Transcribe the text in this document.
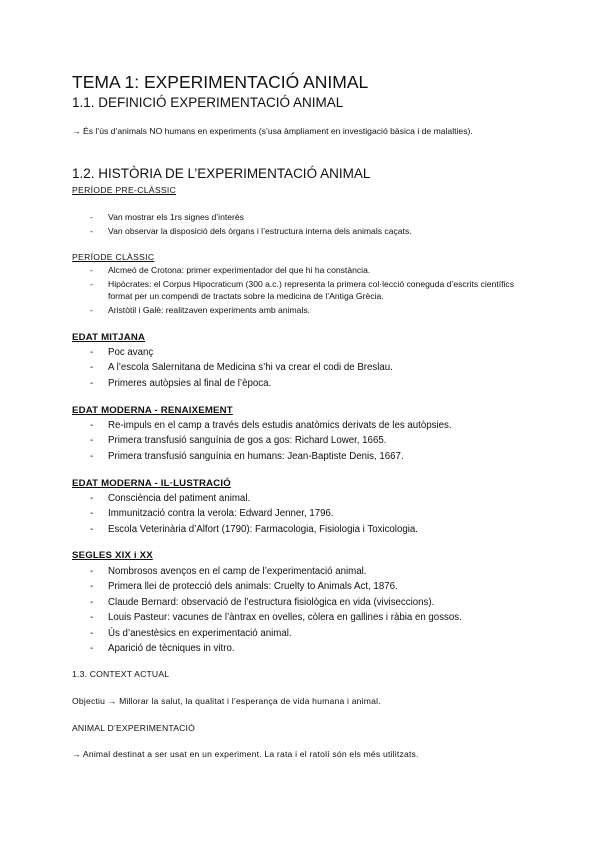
TEMA 1: EXPERIMENTACIÓ ANIMAL
1.1. DEFINICIÓ EXPERIMENTACIÓ ANIMAL
→ És l’ús d’animals NO humans en experiments (s’usa àmpliament en investigació bàsica i de malalties).
1.2. HISTÒRIA DE L’EXPERIMENTACIÓ ANIMAL
PERÍODE PRE-CLÀSSIC
- Van mostrar els 1rs signes d’interès
- Van observar la disposició dels òrgans i l’estructura interna dels animals caçats.
PERÍODE CLÀSSIC
- Alcmeó de Crotona: primer experimentador del que hi ha constància.
- Hipòcrates: el Corpus Hipocraticum (300 a.c.) representa la primera col·lecció coneguda d’escrits científics format per un compendi de tractats sobre la medicina de l’Antiga Grècia.
- Aristòtil i Galè: realitzaven experiments amb animals.
EDAT MITJANA
- Poc avanç
- A l’escola Salernitana de Medicina s’hi va crear el codi de Breslau.
- Primeres autòpsies al final de l’època.
EDAT MODERNA - RENAIXEMENT
- Re-impuls en el camp a través dels estudis anatòmics derivats de les autòpsies.
- Primera transfusió sanguínia de gos a gos: Richard Lower, 1665.
- Primera transfusió sanguínia en humans: Jean-Baptiste Denis, 1667.
EDAT MODERNA - IL·LUSTRACIÓ
- Consciència del patiment animal.
- Immunització contra la verola: Edward Jenner, 1796.
- Escola Veterinària d’Alfort (1790): Farmacologia, Fisiologia i Toxicologia.
SEGLES XIX i XX
- Nombrosos avenços en el camp de l’experimentació animal.
- Primera llei de protecció dels animals: Cruelty to Animals Act, 1876.
- Claude Bernard: observació de l’estructura fisiològica en vida (viviseccions).
- Louis Pasteur: vacunes de l’àntrax en ovelles, còlera en gallines i ràbia en gossos.
- Ús d’anestèsics en experimentació animal.
- Aparició de tècniques in vitro.
1.3. CONTEXT ACTUAL
Objectiu → Millorar la salut, la qualitat i l’esperança de vida humana i animal.
ANIMAL D’EXPERIMENTACIÓ
→ Animal destinat a ser usat en un experiment. La rata i el ratolí són els més utilitzats.
